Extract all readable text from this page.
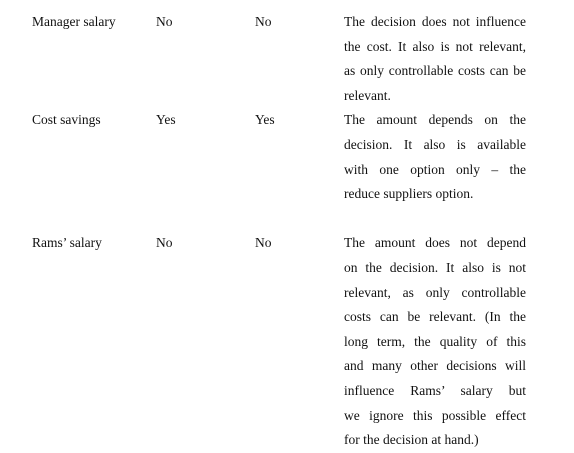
Manager salary	No	No	The decision does not influence
the cost. It also is not relevant,
as only controllable costs can be
relevant.
Cost savings	Yes	Yes	The amount depends on the
decision. It also is available
with one option only – the
reduce suppliers option.
Rams’ salary	No	No	The amount does not depend
on the decision. It also is not
relevant, as only controllable
costs can be relevant. (In the
long term, the quality of this
and many other decisions will
influence Rams’ salary but
we ignore this possible effect
for the decision at hand.)
